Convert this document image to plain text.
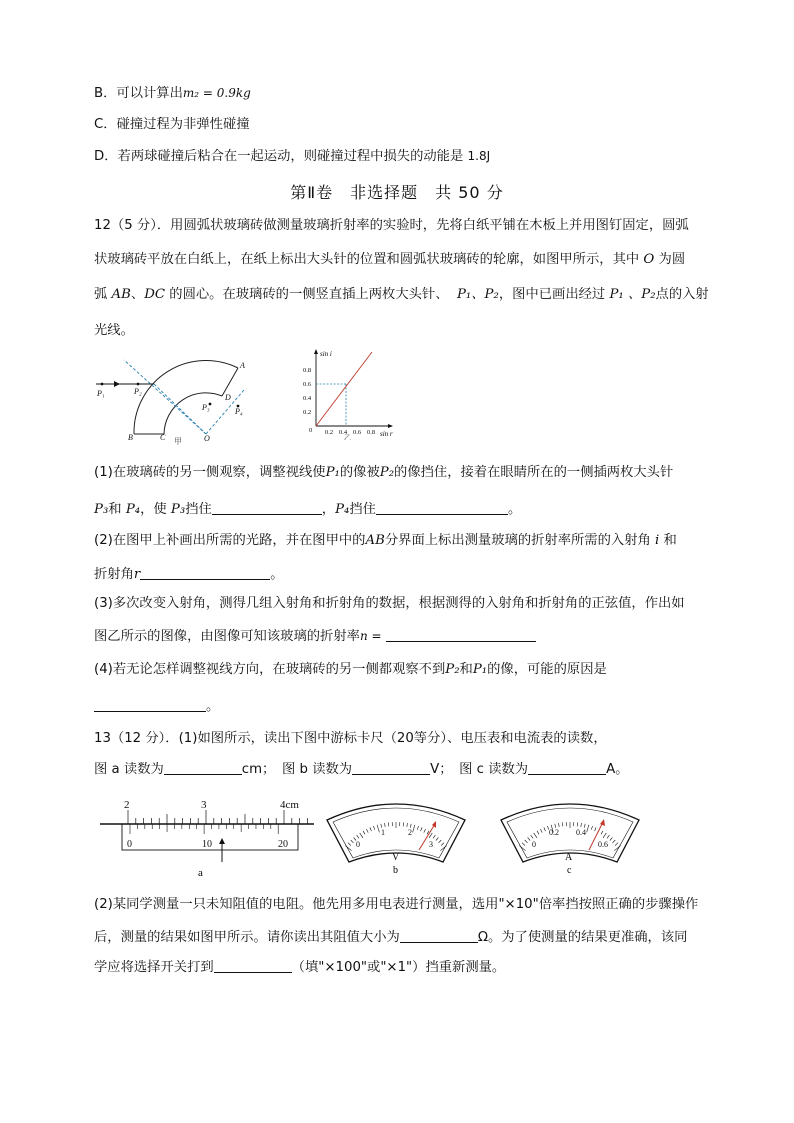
B．可以计算出m₂ = 0.9kg
C．碰撞过程为非弹性碰撞
D．若两球碰撞后粘合在一起运动，则碰撞过程中损失的动能是 1.8J
第Ⅱ卷　非选择题　共 50 分
12（5 分）．用圆弧状玻璃砖做测量玻璃折射率的实验时，先将白纸平铺在木板上并用图钉固定，圆弧
状玻璃砖平放在白纸上，在纸上标出大头针的位置和圆弧状玻璃砖的轮廓，如图甲所示，其中 O 为圆
弧 AB、DC 的圆心。在玻璃砖的一侧竖直插上两枚大头针、 P₁、P₂，图中已画出经过 P₁ 、P₂点的入射
光线。
A
B	C
D
O
P₁	P₂
P₃	P₄
甲
sin i
sin r
0.8
0.6
0.4
0.2
0 0.2 0.4 0.6 0.8
乙
(1)在玻璃砖的另一侧观察，调整视线使P₁的像被P₂的像挡住，接着在眼睛所在的一侧插两枚大头针
P₃和 P₄，使 P₃挡住	，P₄挡住	。
(2)在图甲上补画出所需的光路，并在图甲中的AB分界面上标出测量玻璃的折射率所需的入射角 i 和
折射角r	。
(3)多次改变入射角，测得几组入射角和折射角的数据，根据测得的入射角和折射角的正弦值，作出如
图乙所示的图像，由图像可知该玻璃的折射率n =
(4)若无论怎样调整视线方向，在玻璃砖的另一侧都观察不到P₂和P₁的像，可能的原因是
。
13（12 分）．(1)如图所示，读出下图中游标卡尺（20等分）、电压表和电流表的读数，
图 a 读数为	cm；　图 b 读数为	V；　图 c 读数为	A。
2	3	4cm
0	10	20
a
0
1	2
3
V
b
0
0.2 0.4
0.6
A
c
(2)某同学测量一只未知阻值的电阻。他先用多用电表进行测量，选用"×10"倍率挡按照正确的步骤操作
后，测量的结果如图甲所示。请你读出其阻值大小为	Ω。为了使测量的结果更准确，该同
学应将选择开关打到	（填"×100"或"×1"）挡重新测量。
